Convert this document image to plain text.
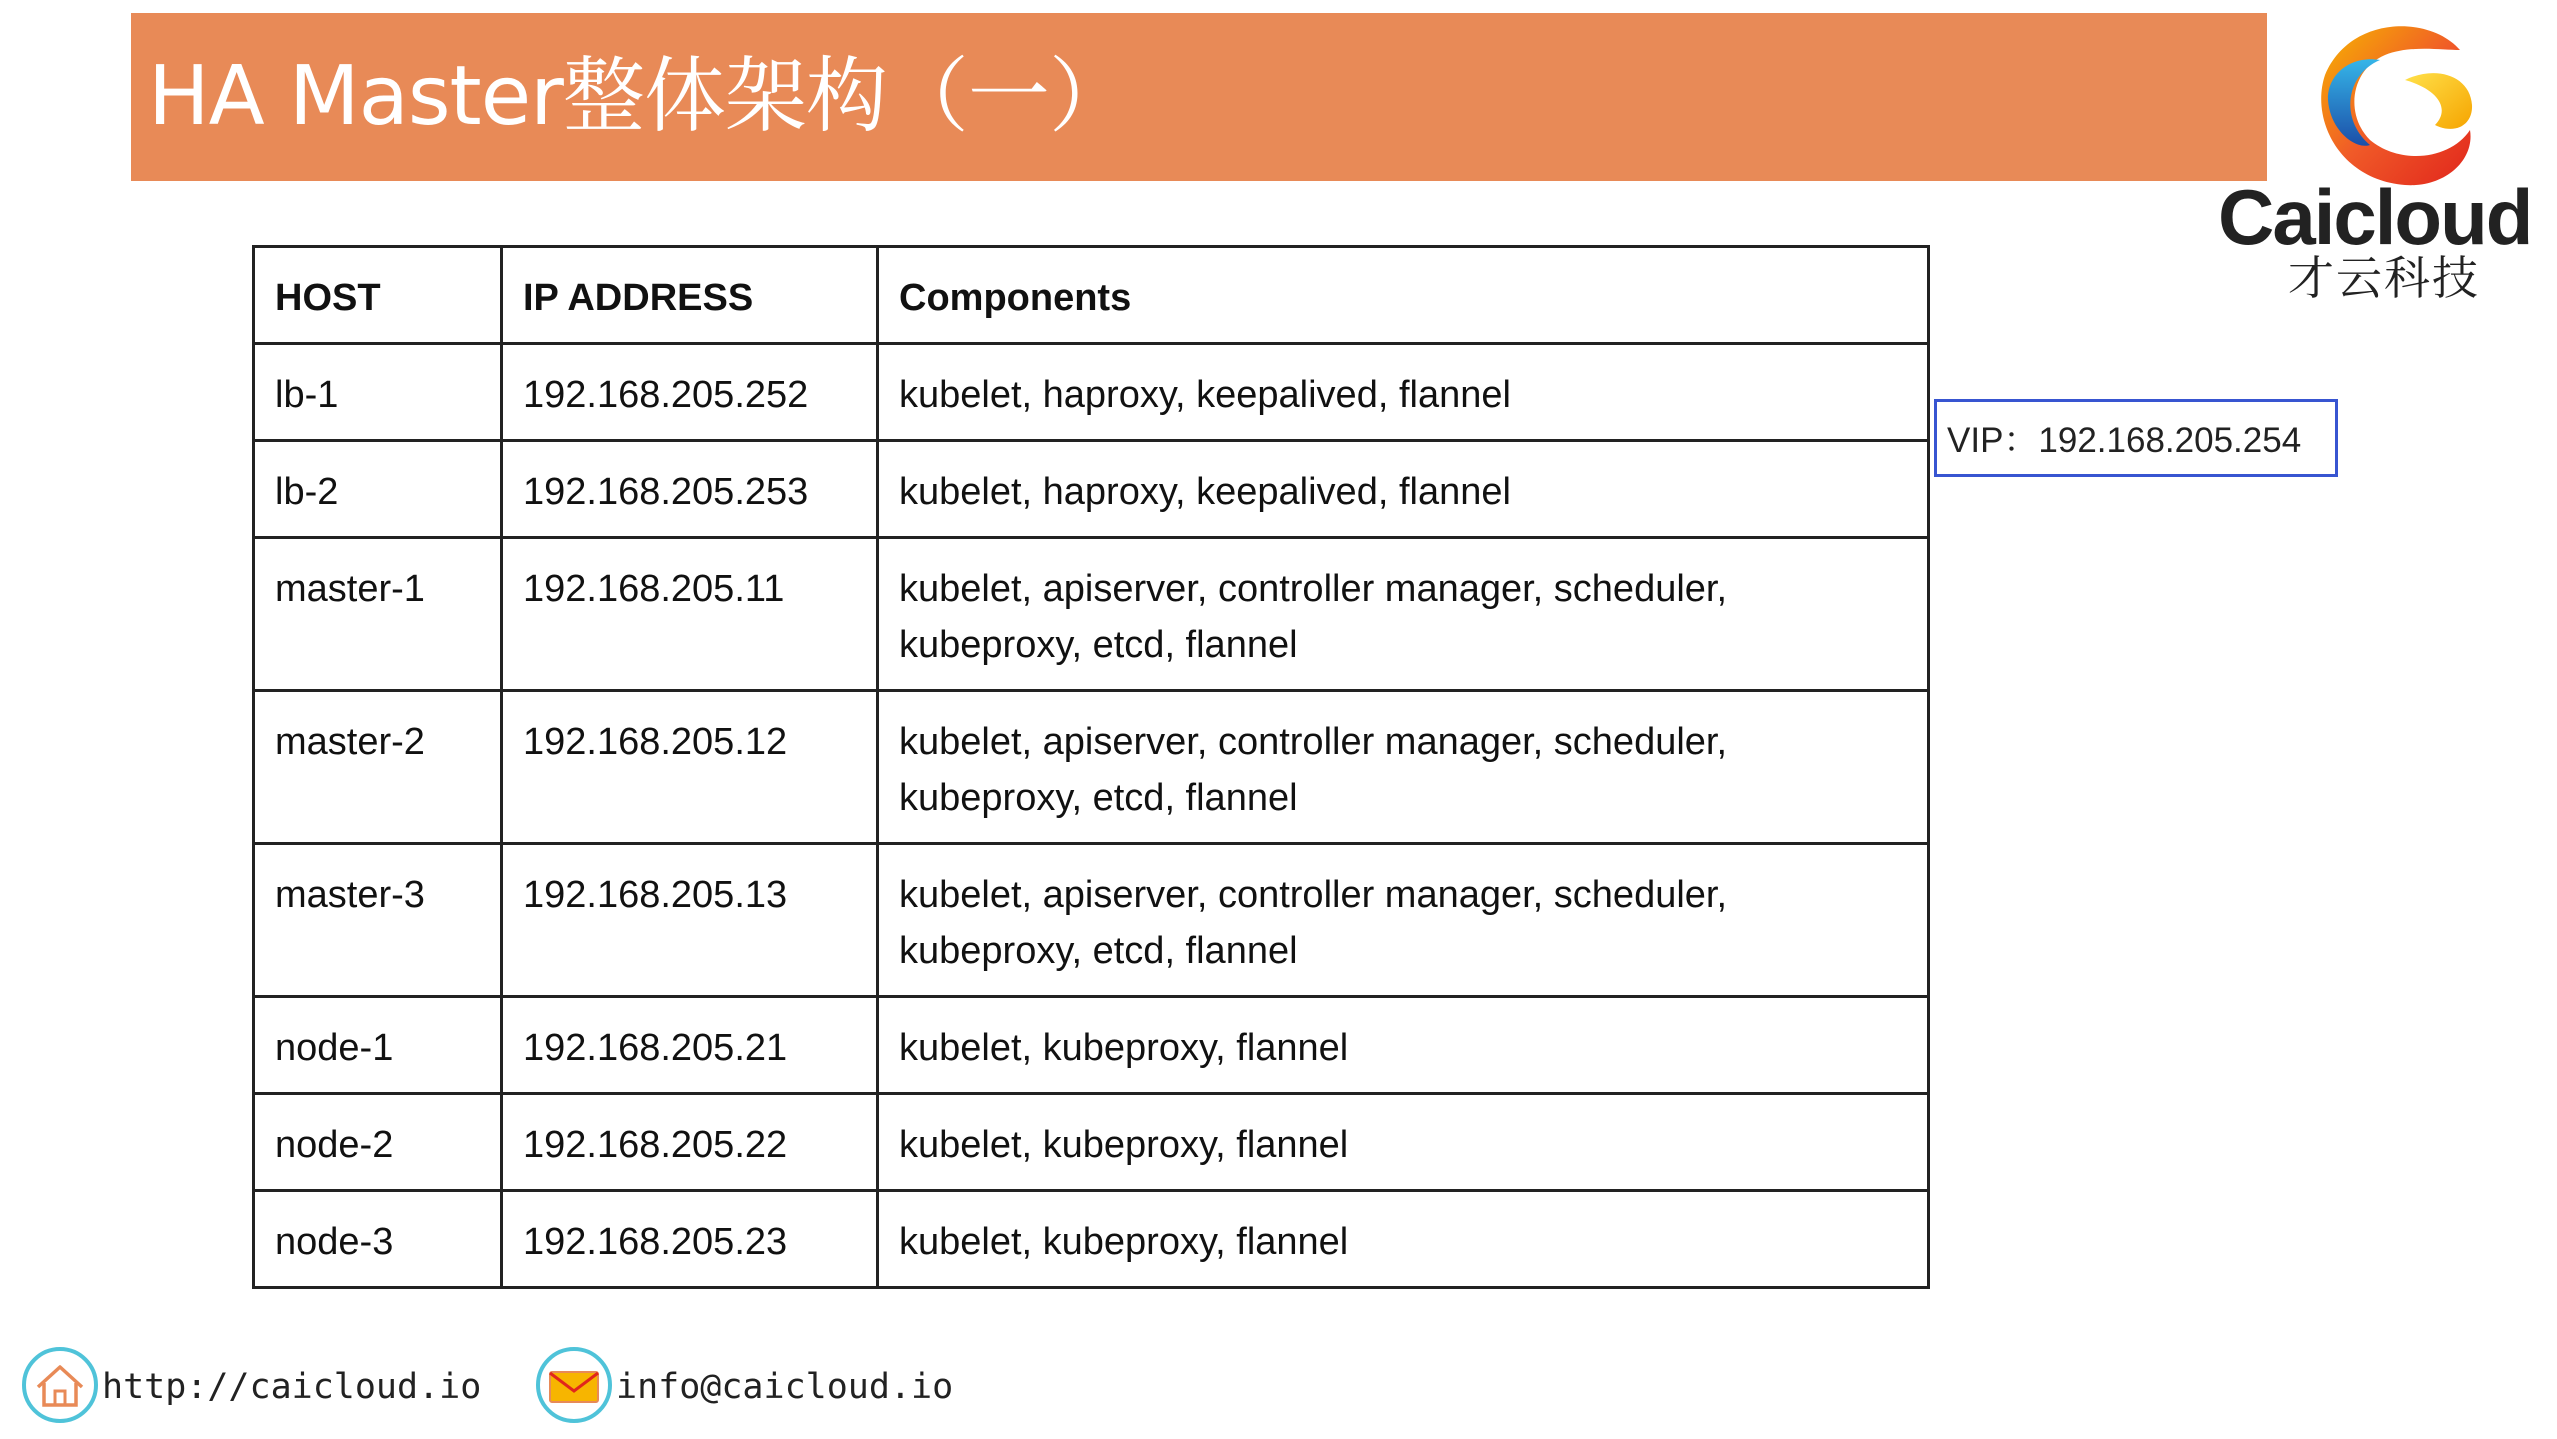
HA Master整体架构（一）
Caicloud
才云科技
HOST	IP ADDRESS	Components
lb-1	192.168.205.252	kubelet, haproxy, keepalived, flannel

lb-2	192.168.205.253	kubelet, haproxy, keepalived, flannel

master-1	192.168.205.11	kubelet, apiserver, controller manager, scheduler,
kubeproxy, etcd, flannel

master-2	192.168.205.12	kubelet, apiserver, controller manager, scheduler,
kubeproxy, etcd, flannel

master-3	192.168.205.13	kubelet, apiserver, controller manager, scheduler,
kubeproxy, etcd, flannel

node-1	192.168.205.21	kubelet, kubeproxy, flannel

node-2	192.168.205.22	kubelet, kubeproxy, flannel

node-3	192.168.205.23	kubelet, kubeproxy, flannel
VIP：192.168.205.254
http://caicloud.io	info@caicloud.io
